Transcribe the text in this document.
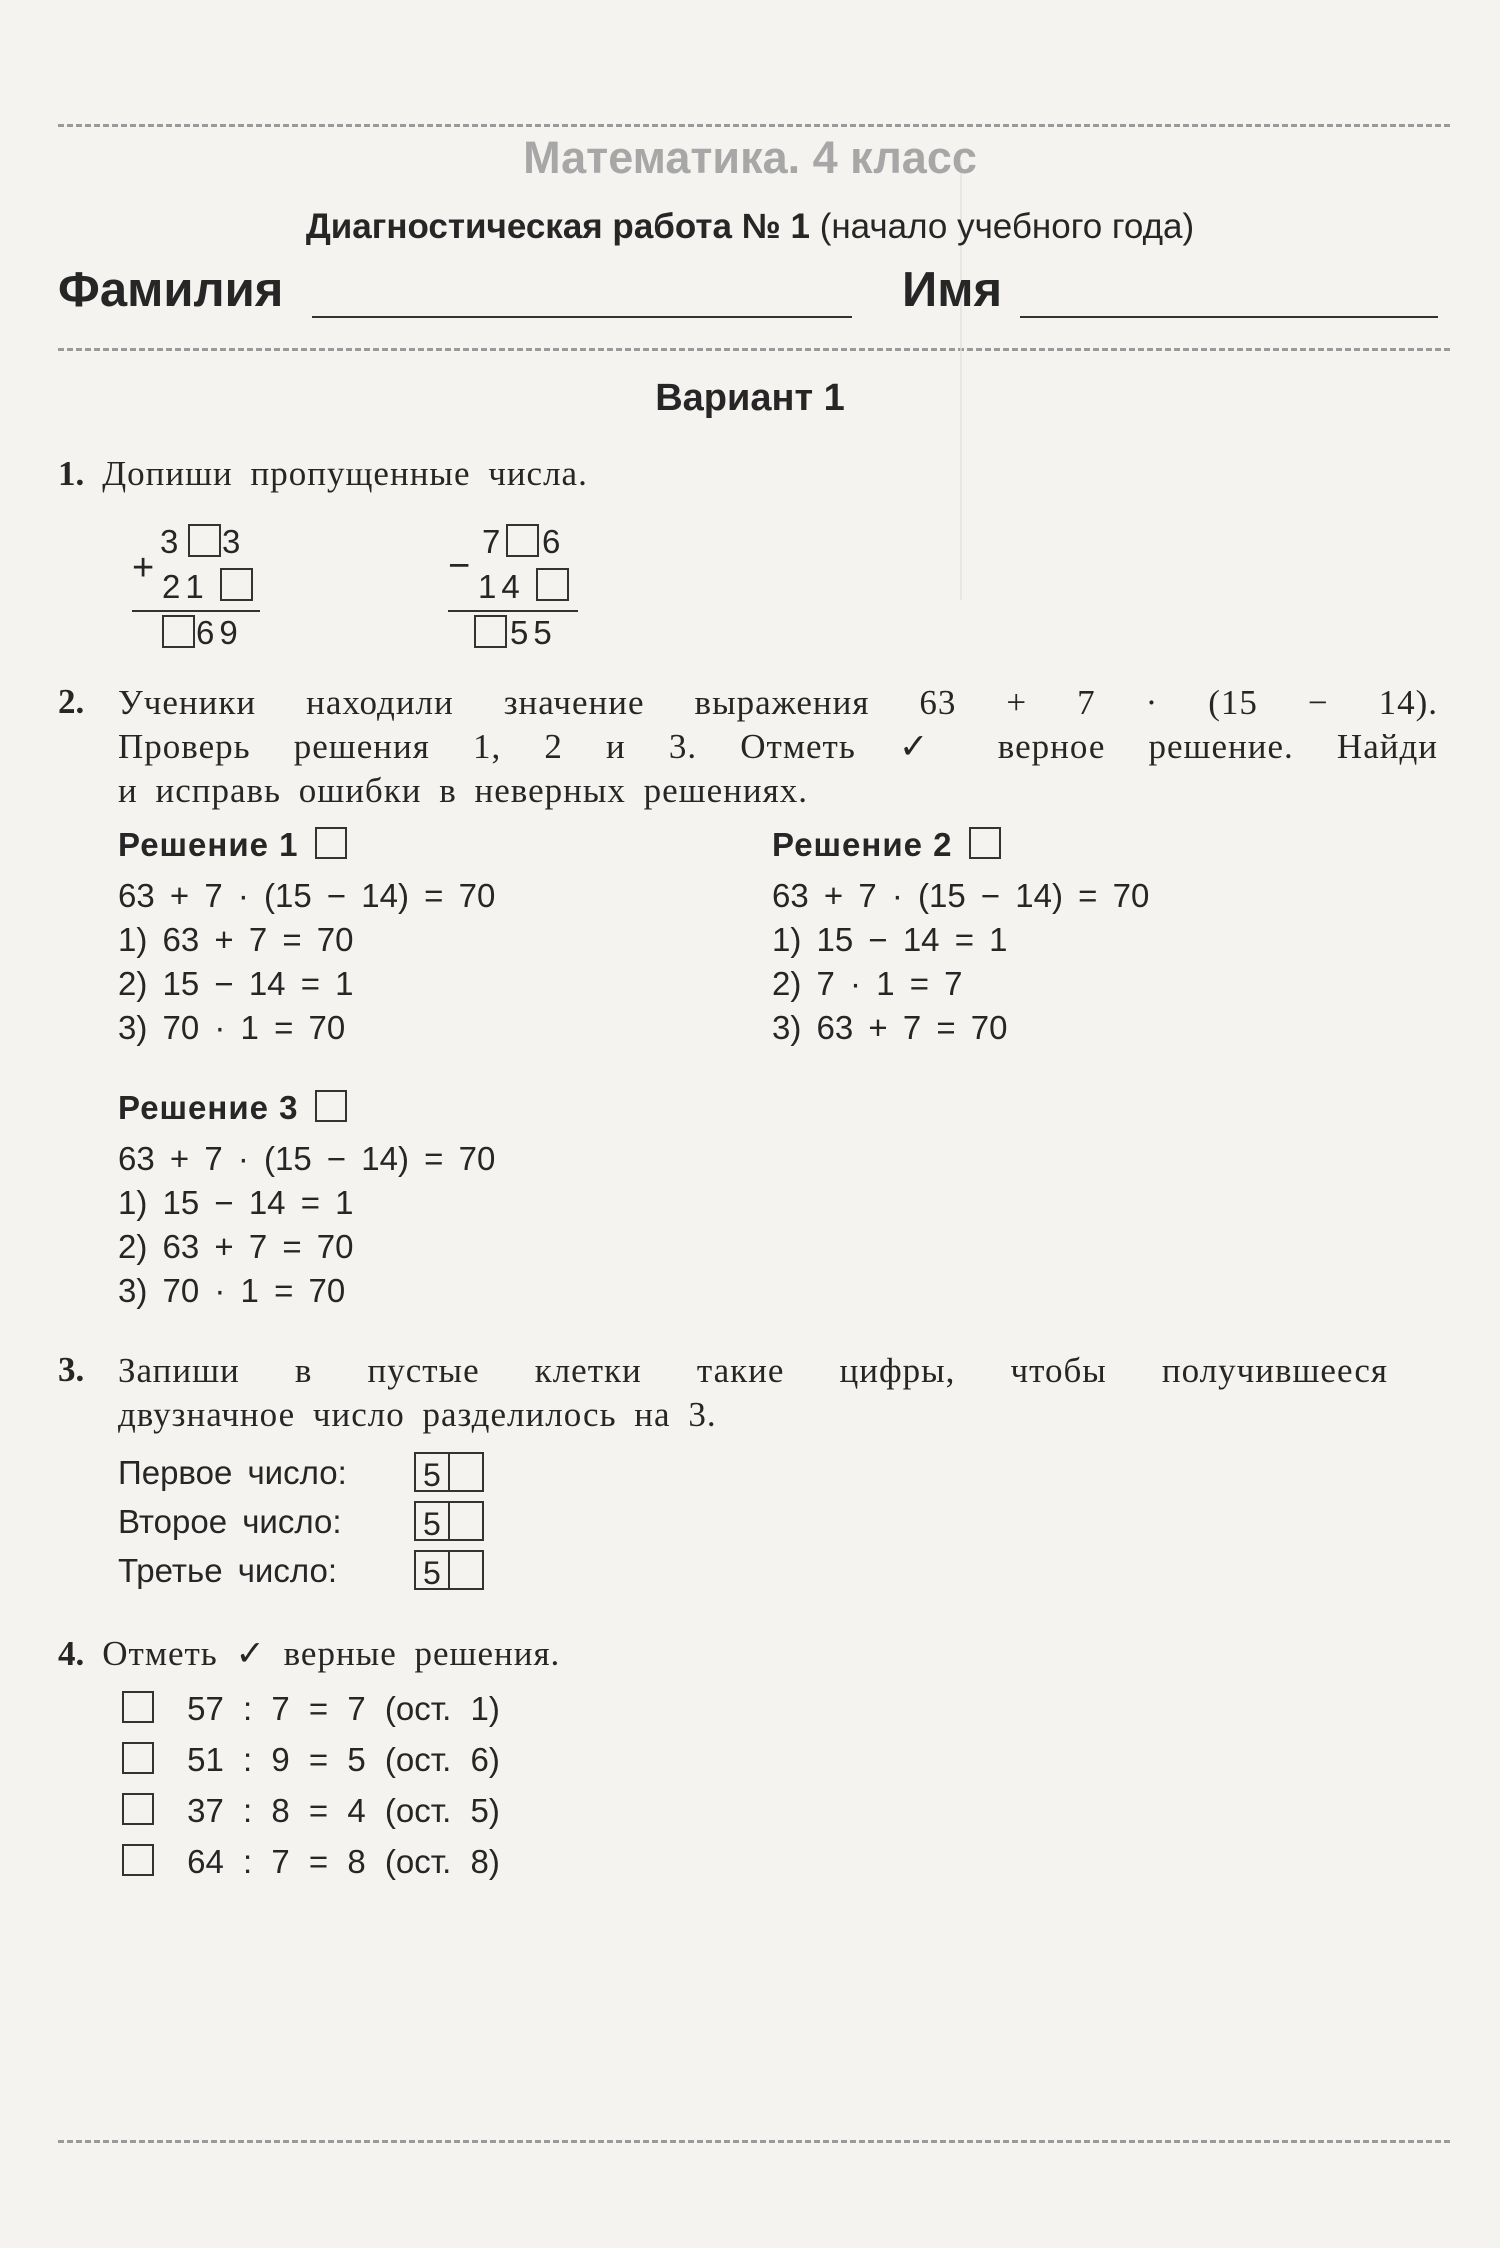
Математика. 4 класс
Диагностическая работа № 1 (начало учебного года)
Фамилия	Имя
Вариант 1
1. Допиши пропущенные числа.
+
3 3
21
69
−
7 6
14
55
2. Ученики находили значение выражения 63 + 7 · (15 − 14).
Проверь решения 1, 2 и 3. Отметь ✓ верное решение. Найди
и исправь ошибки в неверных решениях.
Решение 1
63 + 7 · (15 − 14) = 70
1) 63 + 7 = 70
2) 15 − 14 = 1
3) 70 · 1 = 70
Решение 2
63 + 7 · (15 − 14) = 70
1) 15 − 14 = 1
2) 7 · 1 = 7
3) 63 + 7 = 70
Решение 3
63 + 7 · (15 − 14) = 70
1) 15 − 14 = 1
2) 63 + 7 = 70
3) 70 · 1 = 70
3. Запиши в пустые клетки такие цифры, чтобы получившееся
двузначное число разделилось на 3.
Первое число: 5
Второе число:	5
Третье число:	5
4. Отметь ✓ верные решения.
57 : 7 = 7 (ост. 1)
51 : 9 = 5 (ост. 6)
37 : 8 = 4 (ост. 5)
64 : 7 = 8 (ост. 8)
